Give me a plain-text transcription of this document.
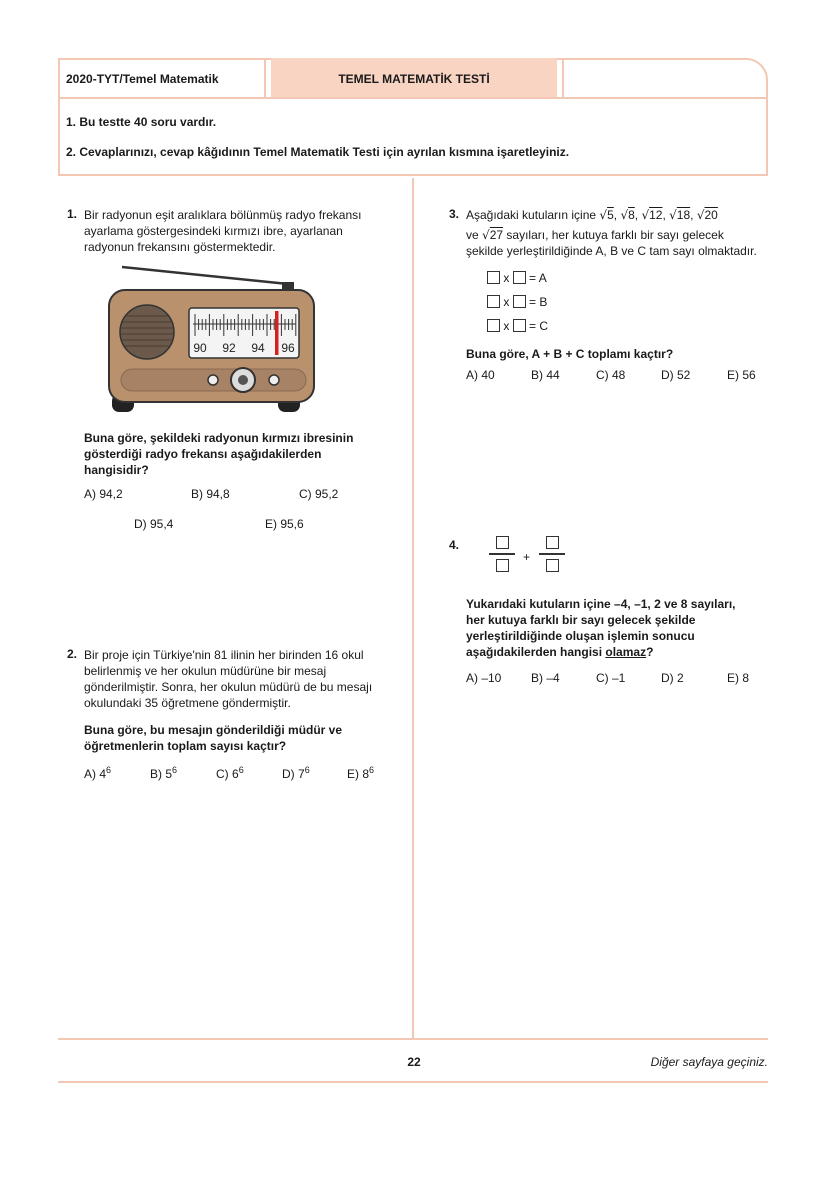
2020-TYT/Temel Matematik	TEMEL MATEMATİK TESTİ
1. Bu testte 40 soru vardır.
2. Cevaplarınızı, cevap kâğıdının Temel Matematik Testi için ayrılan kısmına işaretleyiniz.
1. Bir radyonun eşit aralıklara bölünmüş radyo frekansı
ayarlama göstergesindeki kırmızı ibre, ayarlanan
radyonun frekansını göstermektedir.
90 92 94 96
Buna göre, şekildeki radyonun kırmızı ibresinin
gösterdiği radyo frekansı aşağıdakilerden
hangisidir?
A) 94,2	B) 94,8	C) 95,2
D) 95,4	E) 95,6
2. Bir proje için Türkiye'nin 81 ilinin her birinden 16 okul
belirlenmiş ve her okulun müdürüne bir mesaj
gönderilmiştir. Sonra, her okulun müdürü de bu mesajı
okulundaki 35 öğretmene göndermiştir.
Buna göre, bu mesajın gönderildiği müdür ve
öğretmenlerin toplam sayısı kaçtır?
A) $4^6$	B) $5^6$	C) $6^6$	D) $7^6$	E) $8^6$
3. Aşağıdaki kutuların içine √5, √8, √12, √18, √20
ve √27 sayıları, her kutuya farklı bir sayı gelecek
şekilde yerleştirildiğinde A, B ve C tam sayı olmaktadır.
x = A
x = B
x = C
Buna göre, A + B + C toplamı kaçtır?
A) 40	B) 44	C) 48	D) 52	E) 56
4.
+
Yukarıdaki kutuların içine –4, –1, 2 ve 8 sayıları,
her kutuya farklı bir sayı gelecek şekilde
yerleştirildiğinde oluşan işlemin sonucu
aşağıdakilerden hangisi olamaz?
A) –10 B) –4	C) –1	D) 2	E) 8
22	Diğer sayfaya geçiniz.
